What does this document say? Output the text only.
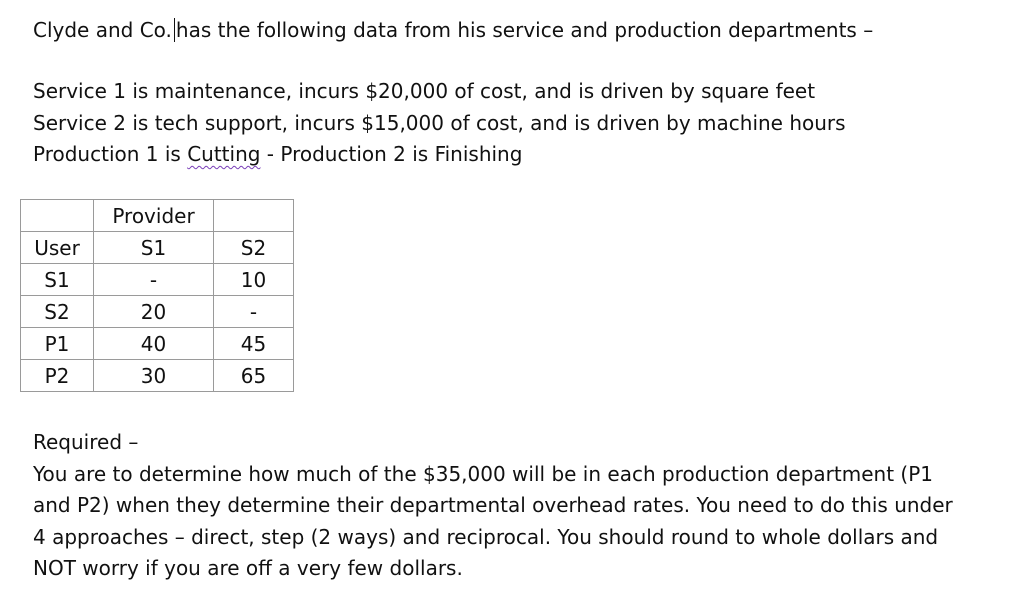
Clyde and Co. has the following data from his service and production departments –
Service 1 is maintenance, incurs $20,000 of cost, and is driven by square feet
Service 2 is tech support, incurs $15,000 of cost, and is driven by machine hours
Production 1 is Cutting - Production 2 is Finishing
	Provider	
User	S1	S2
S1	-	10
S2	20	-
P1	40	45
P2	30	65
Required –
You are to determine how much of the $35,000 will be in each production department (P1
and P2) when they determine their departmental overhead rates. You need to do this under
4 approaches – direct, step (2 ways) and reciprocal. You should round to whole dollars and
NOT worry if you are off a very few dollars.
